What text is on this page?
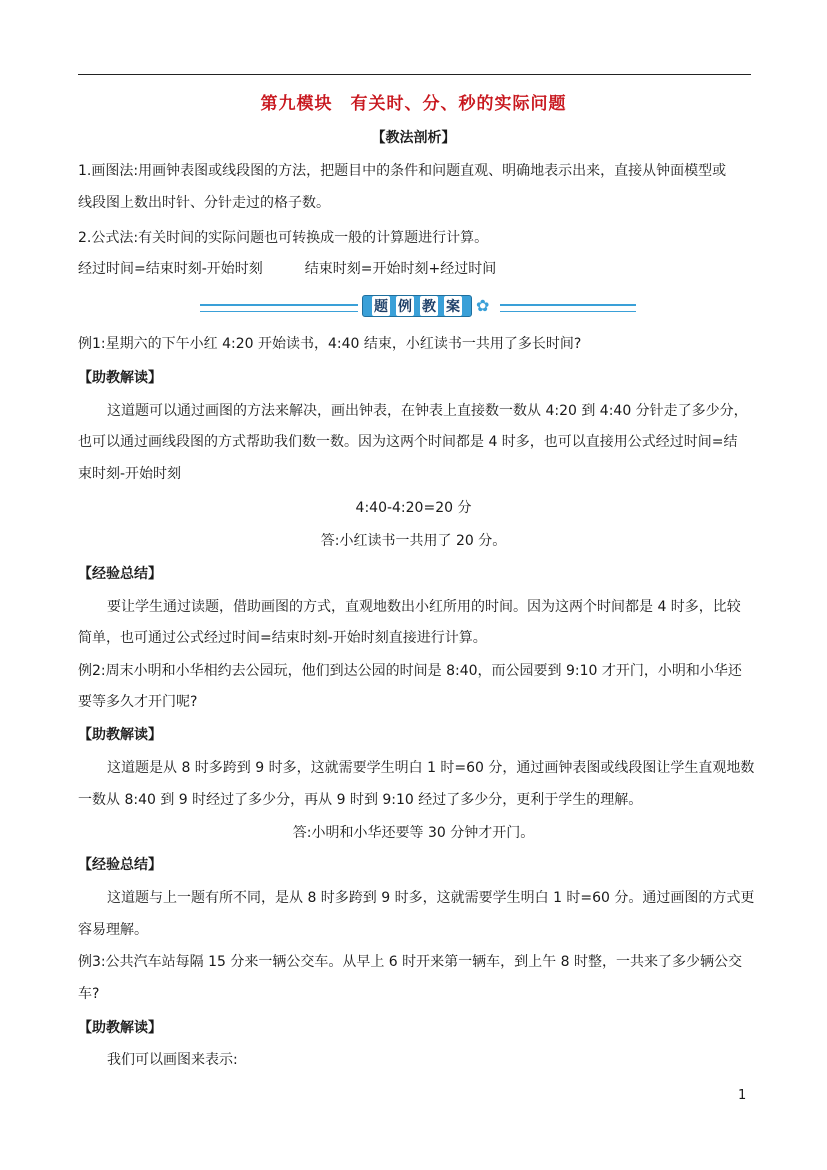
第九模块　有关时、分、秒的实际问题
【教法剖析】
1.画图法:用画钟表图或线段图的方法，把题目中的条件和问题直观、明确地表示出来，直接从钟面模型或
线段图上数出时针、分针走过的格子数。
2.公式法:有关时间的实际问题也可转换成一般的计算题进行计算。
经过时间=结束时刻-开始时刻　　　结束时刻=开始时刻+经过时间
题 例 教 案 ✿
例1:星期六的下午小红 4:20 开始读书，4:40 结束，小红读书一共用了多长时间?
【助教解读】
这道题可以通过画图的方法来解决，画出钟表，在钟表上直接数一数从 4:20 到 4:40 分针走了多少分，
也可以通过画线段图的方式帮助我们数一数。因为这两个时间都是 4 时多，也可以直接用公式经过时间=结
束时刻-开始时刻
4:40-4:20=20 分
答:小红读书一共用了 20 分。
【经验总结】
要让学生通过读题，借助画图的方式，直观地数出小红所用的时间。因为这两个时间都是 4 时多，比较
简单，也可通过公式经过时间=结束时刻-开始时刻直接进行计算。
例2:周末小明和小华相约去公园玩，他们到达公园的时间是 8:40，而公园要到 9:10 才开门，小明和小华还
要等多久才开门呢?
【助教解读】
这道题是从 8 时多跨到 9 时多，这就需要学生明白 1 时=60 分，通过画钟表图或线段图让学生直观地数
一数从 8:40 到 9 时经过了多少分，再从 9 时到 9:10 经过了多少分，更利于学生的理解。
答:小明和小华还要等 30 分钟才开门。
【经验总结】
这道题与上一题有所不同，是从 8 时多跨到 9 时多，这就需要学生明白 1 时=60 分。通过画图的方式更
容易理解。
例3:公共汽车站每隔 15 分来一辆公交车。从早上 6 时开来第一辆车，到上午 8 时整，一共来了多少辆公交
车?
【助教解读】
我们可以画图来表示:
1
